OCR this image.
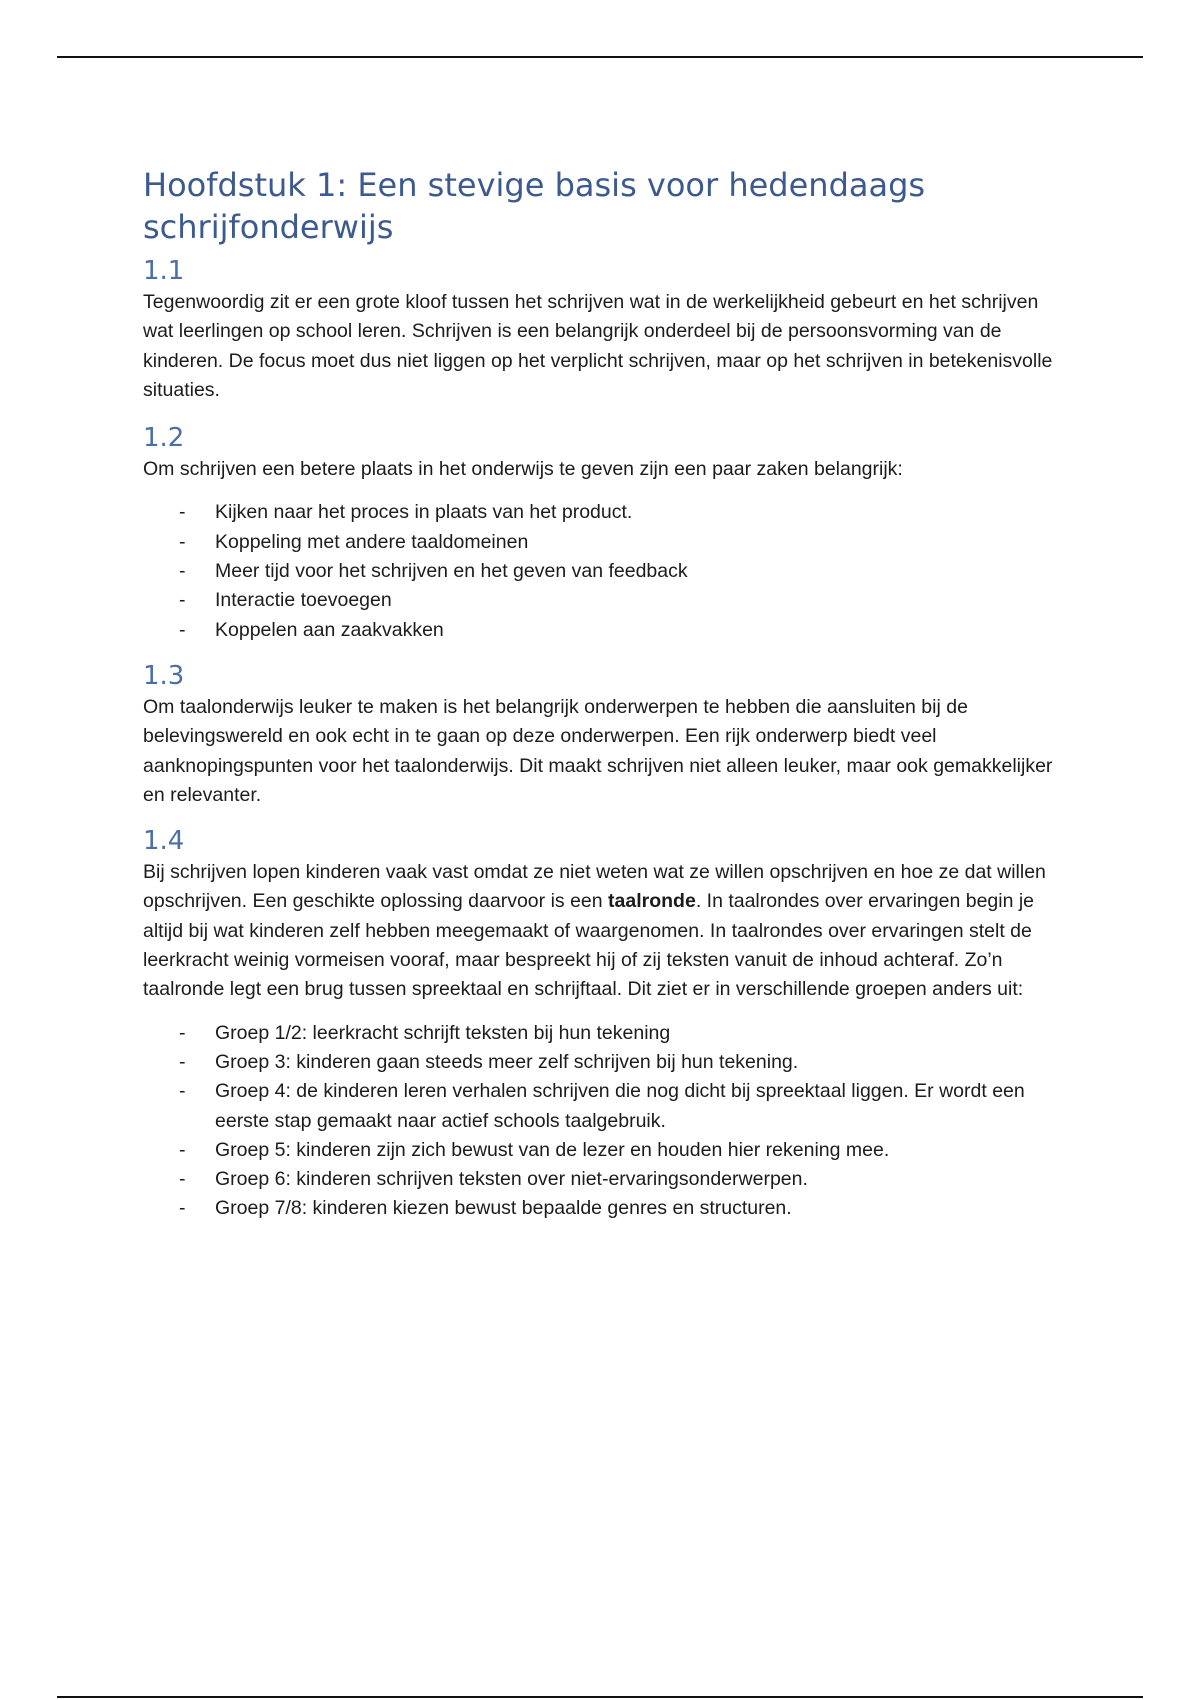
Hoofdstuk 1: Een stevige basis voor hedendaags schrijfonderwijs
1.1

Tegenwoordig zit er een grote kloof tussen het schrijven wat in de werkelijkheid gebeurt en het schrijven wat leerlingen op school leren. Schrijven is een belangrijk onderdeel bij de persoonsvorming van de kinderen. De focus moet dus niet liggen op het verplicht schrijven, maar op het schrijven in betekenisvolle situaties.

1.2

Om schrijven een betere plaats in het onderwijs te geven zijn een paar zaken belangrijk:

- Kijken naar het proces in plaats van het product.
- Koppeling met andere taaldomeinen
- Meer tijd voor het schrijven en het geven van feedback
- Interactie toevoegen
- Koppelen aan zaakvakken
1.3

Om taalonderwijs leuker te maken is het belangrijk onderwerpen te hebben die aansluiten bij de belevingswereld en ook echt in te gaan op deze onderwerpen. Een rijk onderwerp biedt veel aanknopingspunten voor het taalonderwijs. Dit maakt schrijven niet alleen leuker, maar ook gemakkelijker en relevanter.

1.4

Bij schrijven lopen kinderen vaak vast omdat ze niet weten wat ze willen opschrijven en hoe ze dat willen opschrijven. Een geschikte oplossing daarvoor is een taalronde. In taalrondes over ervaringen begin je altijd bij wat kinderen zelf hebben meegemaakt of waargenomen. In taalrondes over ervaringen stelt de leerkracht weinig vormeisen vooraf, maar bespreekt hij of zij teksten vanuit de inhoud achteraf. Zo’n taalronde legt een brug tussen spreektaal en schrijftaal. Dit ziet er in verschillende groepen anders uit:

- Groep 1/2: leerkracht schrijft teksten bij hun tekening
- Groep 3: kinderen gaan steeds meer zelf schrijven bij hun tekening.
- Groep 4: de kinderen leren verhalen schrijven die nog dicht bij spreektaal liggen. Er wordt een eerste stap gemaakt naar actief schools taalgebruik.
- Groep 5: kinderen zijn zich bewust van de lezer en houden hier rekening mee.
- Groep 6: kinderen schrijven teksten over niet-ervaringsonderwerpen.
- Groep 7/8: kinderen kiezen bewust bepaalde genres en structuren.
